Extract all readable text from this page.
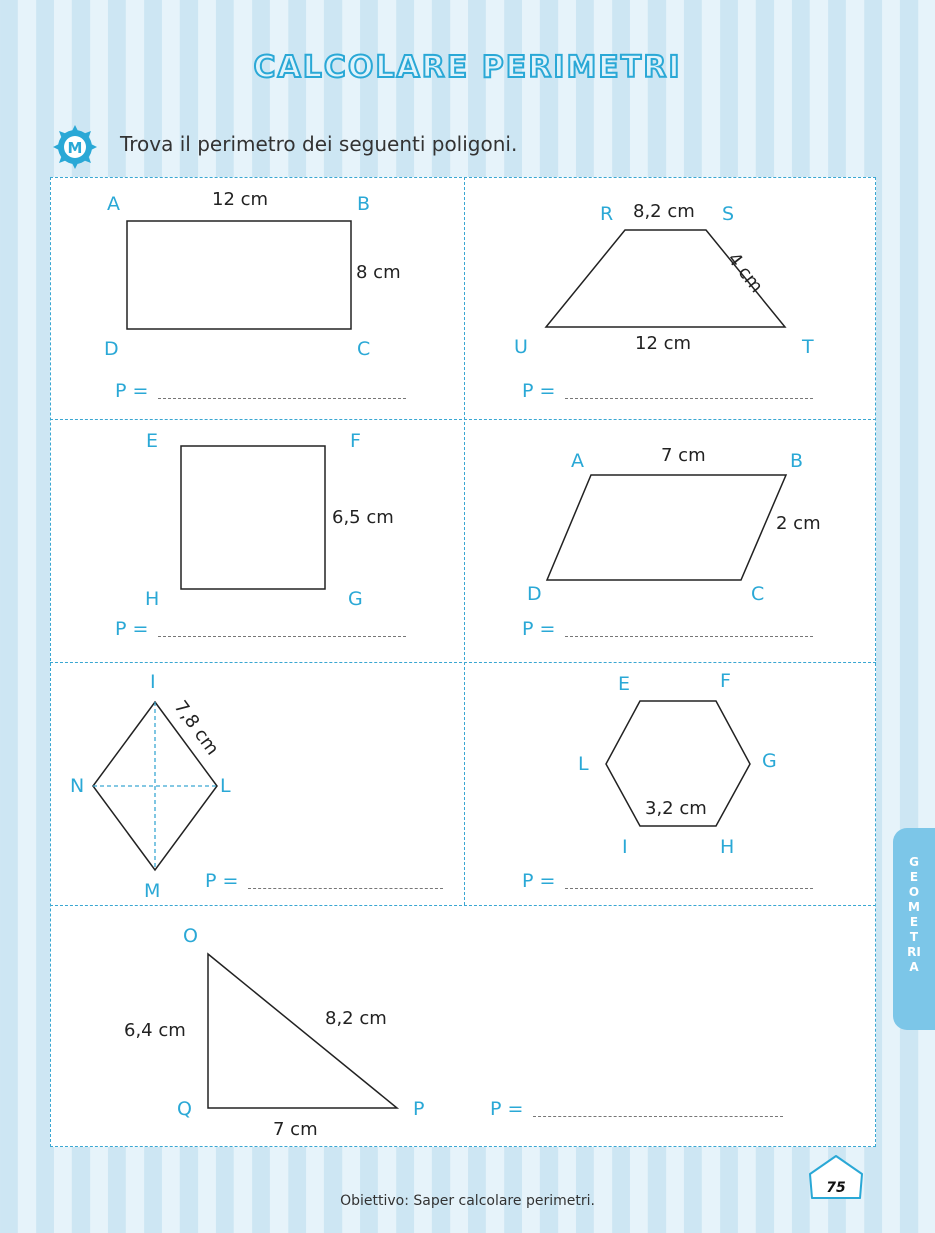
CALCOLARE PERIMETRI
M Trova il perimetro dei seguenti poligoni.
A	B
C
D
12 cm
8 cm
P =
R	S
T
U
8,2 cm
4 cm
12 cm
P =
E	F
G
H
6,5 cm
P =
A	B
C
D
7 cm
2 cm
P =
I
L
M
N
7,8 cm
P =
E	F
G
H
I
L
3,2 cm
P =
O
P
Q
6,4 cm
8,2 cm
7 cm
P =
GEOMETRIA
Obiettivo: Saper calcolare perimetri.
75
